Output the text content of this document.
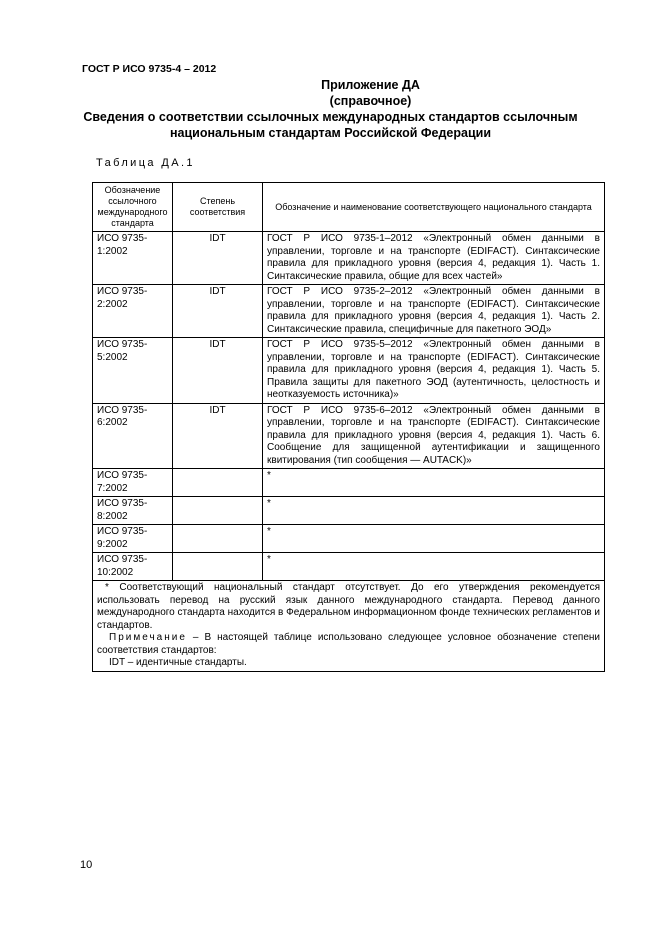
ГОСТ Р ИСО 9735-4 – 2012
Приложение ДА
(справочное)
Сведения о соответствии ссылочных международных стандартов ссылочным
национальным стандартам Российской Федерации
Таблица ДА.1
Обозначение ссылочного международного стандарта	Степень соответствия	Обозначение и наименование соответствующего национального стандарта
ИСО 9735-1:2002	IDT	ГОСТ Р ИСО 9735-1–2012 «Электронный обмен данными в управлении, торговле и на транспорте (EDIFACT). Синтаксические правила для прикладного уровня (версия 4, редакция 1). Часть 1. Синтаксические правила, общие для всех частей»
ИСО 9735-2:2002	IDT	ГОСТ Р ИСО 9735-2–2012 «Электронный обмен данными в управлении, торговле и на транспорте (EDIFACT). Синтаксические правила для прикладного уровня (версия 4, редакция 1). Часть 2. Синтаксические правила, специфичные для пакетного ЭОД»
ИСО 9735-5:2002	IDT	ГОСТ Р ИСО 9735-5–2012 «Электронный обмен данными в управлении, торговле и на транспорте (EDIFACT). Синтаксические правила для прикладного уровня (версия 4, редакция 1). Часть 5. Правила защиты для пакетного ЭОД (аутентичность, целостность и неотказуемость источника)»
ИСО 9735-6:2002	IDT	ГОСТ Р ИСО 9735-6–2012 «Электронный обмен данными в управлении, торговле и на транспорте (EDIFACT). Синтаксические правила для прикладного уровня (версия 4, редакция 1). Часть 6. Сообщение для защищенной аутентификации и защищенного квитирования (тип сообщения — AUTACK)»
ИСО 9735-7:2002		*
ИСО 9735-8:2002		*
ИСО 9735-9:2002		*
ИСО 9735-10:2002		*

* Соответствующий национальный стандарт отсутствует. До его утверждения рекомендуется использовать перевод на русский язык данного международного стандарта. Перевод данного международного стандарта находится в Федеральном информационном фонде технических регламентов и стандартов.
Примечание – В настоящей таблице использовано следующее условное обозначение степени соответствия стандартов:
IDT – идентичные стандарты.		
10
